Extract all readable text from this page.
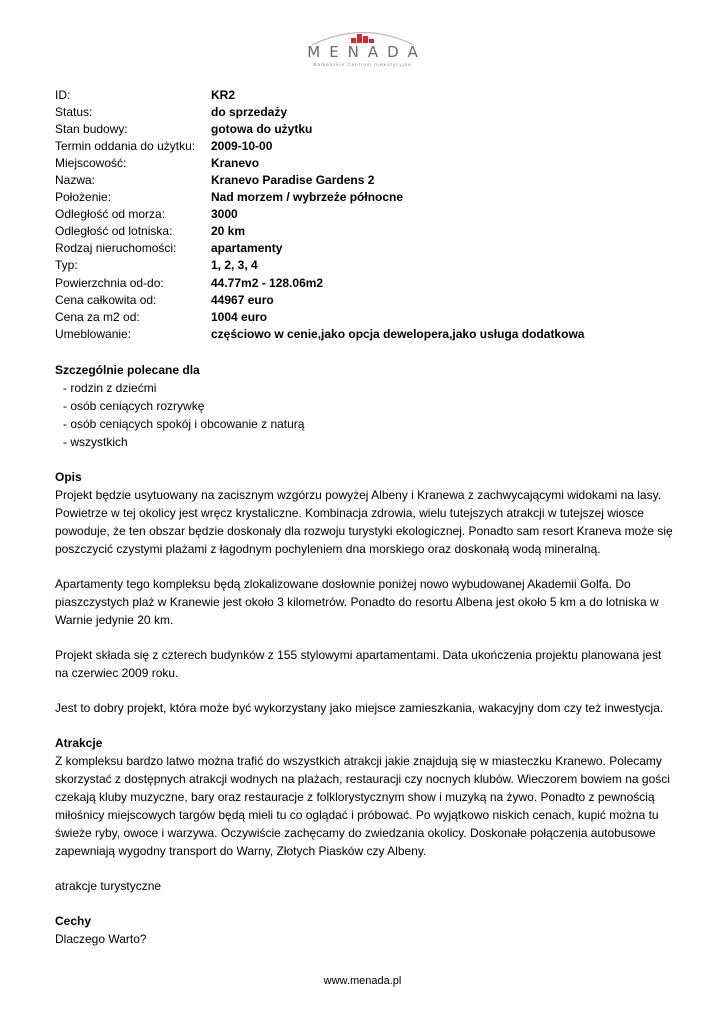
MENADA
Bałkańskie Centrum Inwestycyjne
ID:	KR2
Status:	do sprzedaży
Stan budowy:	gotowa do użytku
Termin oddania do użytku:	2009-10-00
Miejscowość:	Kranevo
Nazwa:	Kranevo Paradise Gardens 2
Położenie:	Nad morzem / wybrzeże północne
Odległość od morza:	3000
Odległość od lotniska:	20 km
Rodzaj nieruchomości:	apartamenty
Typ:	1, 2, 3, 4
Powierzchnia od-do:	44.77m2 - 128.06m2
Cena całkowita od:	44967 euro
Cena za m2 od:	1004 euro
Umeblowanie:	częściowo w cenie,jako opcja dewelopera,jako usługa dodatkowa
Szczególnie polecane dla
- rodzin z dziećmi
- osób ceniących rozrywkę
- osób ceniących spokój i obcowanie z naturą
- wszystkich
Opis

Projekt będzie usytuowany na zacisznym wzgórzu powyżej Albeny i Kranewa z zachwycającymi widokami na lasy. Powietrze w tej okolicy jest wręcz krystaliczne. Kombinacja zdrowia, wielu tutejszych atrakcji w tutejszej wiosce powoduje, że ten obszar będzie doskonały dla rozwoju turystyki ekologicznej. Ponadto sam resort Kraneva może się poszczycić czystymi plażami z łagodnym pochyleniem dna morskiego oraz doskonałą wodą mineralną.

Apartamenty tego kompleksu będą zlokalizowane dosłownie poniżej nowo wybudowanej Akademii Golfa. Do piaszczystych plaż w Kranewie jest około 3 kilometrów. Ponadto do resortu Albena jest około 5 km a do lotniska w Warnie jedynie 20 km.

Projekt składa się z czterech budynków z 155 stylowymi apartamentami. Data ukończenia projektu planowana jest na czerwiec 2009 roku.

Jest to dobry projekt, która może być wykorzystany jako miejsce zamieszkania, wakacyjny dom czy też inwestycja.

Atrakcje

Z kompleksu bardzo latwo można trafić do wszystkich atrakcji jakie znajdują się w miasteczku Kranewo. Polecamy skorzystać z dostępnych atrakcji wodnych na plażach, restauracji czy nocnych klubów. Wieczorem bowiem na gości czekają kluby muzyczne, bary oraz restauracje z folklorystycznym show i muzyką na żywo. Ponadto z pewnością miłośnicy miejscowych targów będą mieli tu co oglądać i próbować. Po wyjątkowo niskich cenach, kupić można tu świeże ryby, owoce i warzywa. Oczywiście zachęcamy do zwiedzania okolicy. Doskonałe połączenia autobusowe zapewniają wygodny transport do Warny, Złotych Piasków czy Albeny.

atrakcje turystyczne

Cechy

Dlaczego Warto?

www.menada.pl
